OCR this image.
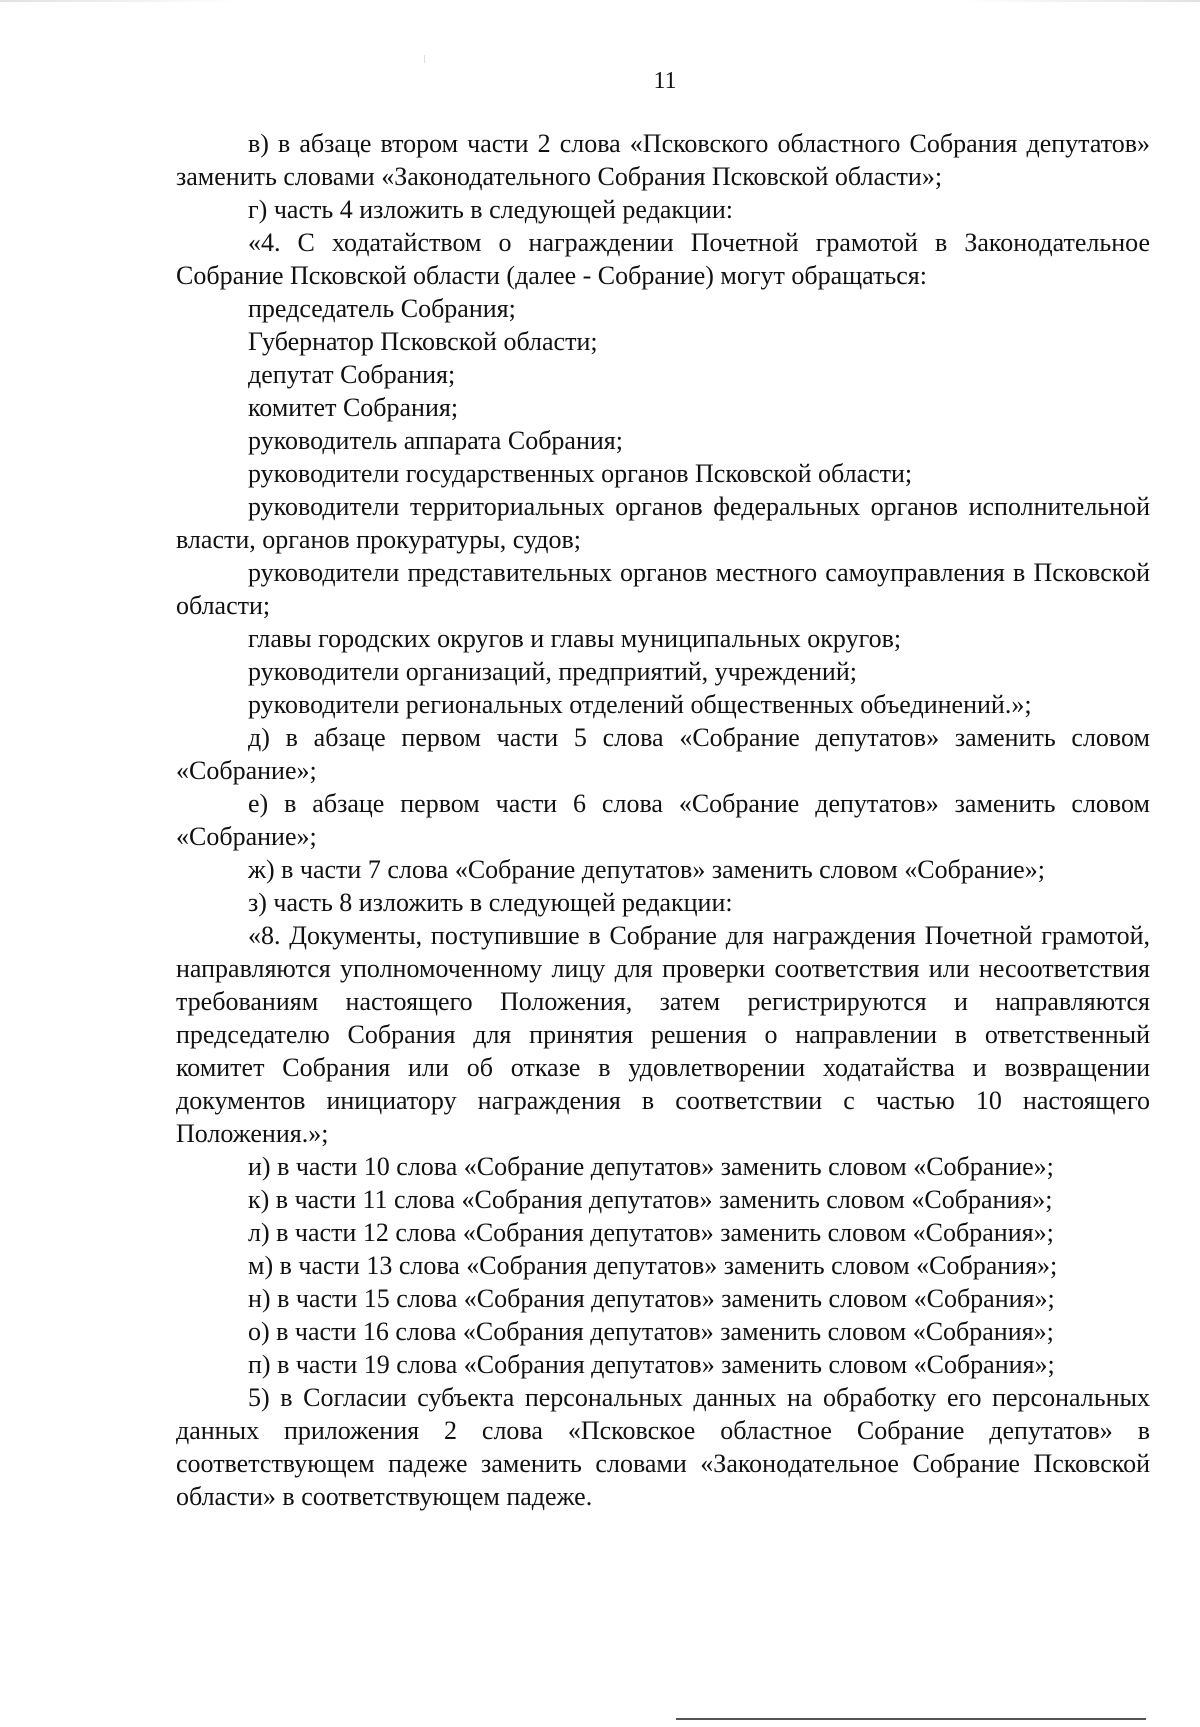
11

в) в абзаце втором части 2 слова «Псковского областного Собрания депутатов» заменить словами «Законодательного Собрания Псковской области»;

г) часть 4 изложить в следующей редакции:

«4. С ходатайством о награждении Почетной грамотой в Законодательное Собрание Псковской области (далее - Собрание) могут обращаться:

председатель Собрания;

Губернатор Псковской области;

депутат Собрания;

комитет Собрания;

руководитель аппарата Собрания;

руководители государственных органов Псковской области;

руководители территориальных органов федеральных органов исполнительной власти, органов прокуратуры, судов;

руководители представительных органов местного самоуправления в Псковской области;

главы городских округов и главы муниципальных округов;

руководители организаций, предприятий, учреждений;

руководители региональных отделений общественных объединений.»;

д) в абзаце первом части 5 слова «Собрание депутатов» заменить словом «Собрание»;

е) в абзаце первом части 6 слова «Собрание депутатов» заменить словом «Собрание»;

ж) в части 7 слова «Собрание депутатов» заменить словом «Собрание»;

з) часть 8 изложить в следующей редакции:

«8. Документы, поступившие в Собрание для награждения Почетной грамотой, направляются уполномоченному лицу для проверки соответствия или несоответствия требованиям настоящего Положения, затем регистрируются и направляются председателю Собрания для принятия решения о направлении в ответственный комитет Собрания или об отказе в удовлетворении ходатайства и возвращении документов инициатору награждения в соответствии с частью 10 настоящего Положения.»;

и) в части 10 слова «Собрание депутатов» заменить словом «Собрание»;

к) в части 11 слова «Собрания депутатов» заменить словом «Собрания»;

л) в части 12 слова «Собрания депутатов» заменить словом «Собрания»;

м) в части 13 слова «Собрания депутатов» заменить словом «Собрания»;

н) в части 15 слова «Собрания депутатов» заменить словом «Собрания»;

о) в части 16 слова «Собрания депутатов» заменить словом «Собрания»;

п) в части 19 слова «Собрания депутатов» заменить словом «Собрания»;

5) в Согласии субъекта персональных данных на обработку его персональных данных приложения 2 слова «Псковское областное Собрание депутатов» в соответствующем падеже заменить словами «Законодательное Собрание Псковской области» в соответствующем падеже.
